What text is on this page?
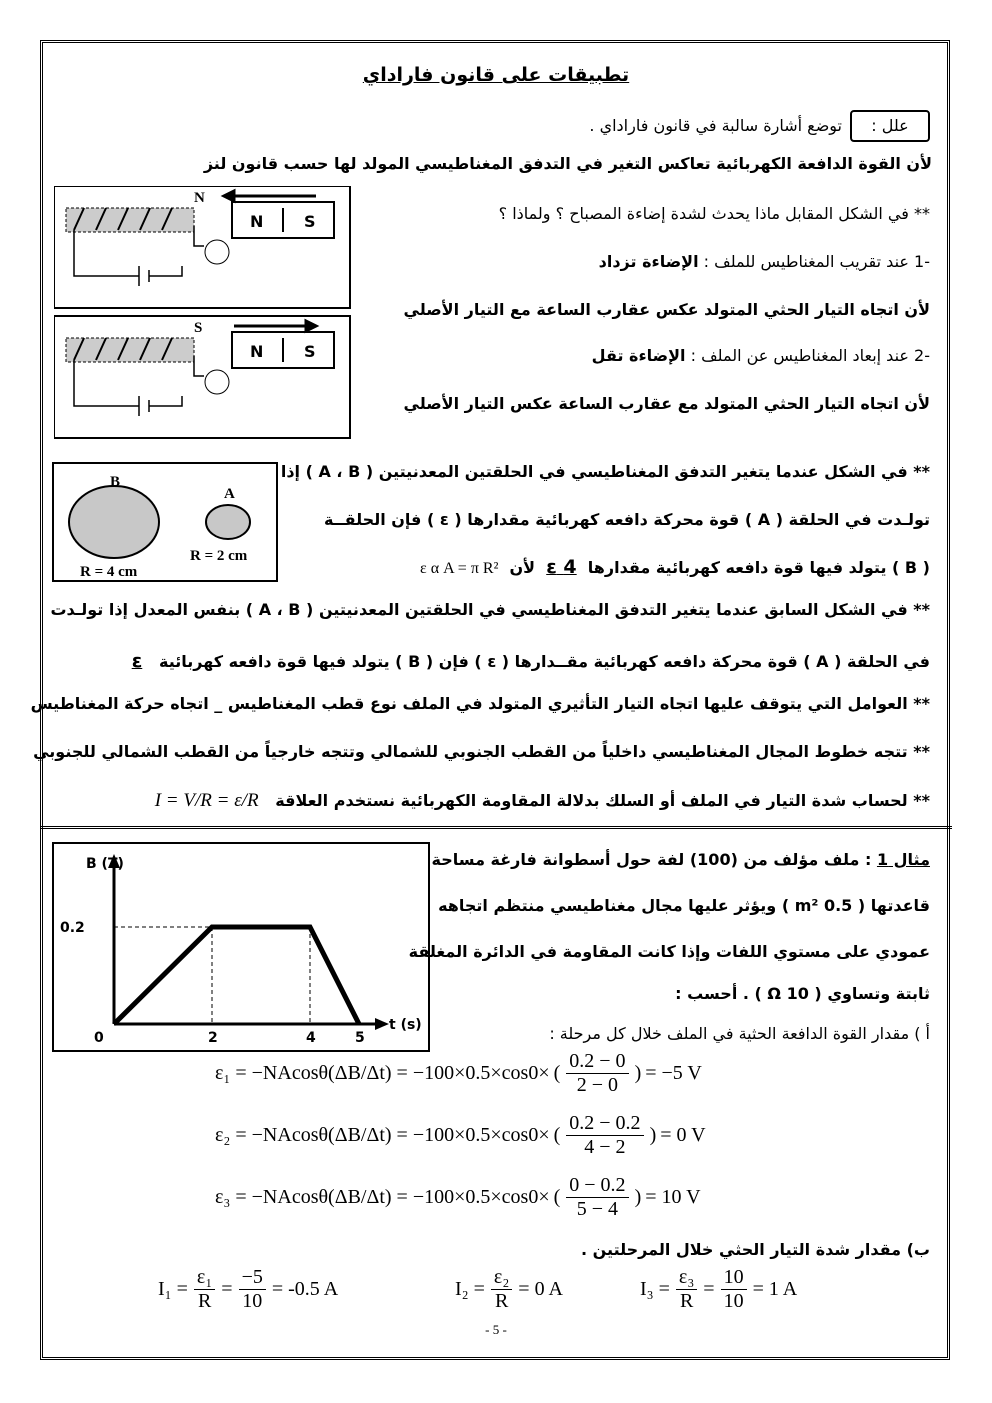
تطبيقات على قانون فاراداي
علل :
توضع أشارة سالبة في قانون فاراداي .
لأن القوة الدافعة الكهربائية تعاكس التغير في التدفق المغناطيسي المولد لها حسب قانون لنز
N	S
N
N	S
S
** في الشكل المقابل ماذا يحدث لشدة إضاءة المصباح ؟ ولماذا ؟
-1 عند تقريب المغناطيس للملف : الإضاءة تزداد
لأن اتجاه التيار الحثي المتولد عكس عقارب الساعة مع التيار الأصلي
-2 عند إبعاد المغناطيس عن الملف : الإضاءة تقل
لأن اتجاه التيار الحثي المتولد مع عقارب الساعة عكس التيار الأصلي
B
A
R = 2 cm
R = 4 cm
** في الشكل عندما يتغير التدفق المغناطيسي في الحلقتين المعدنيتين ( A ، B ) إذا
تولـدت في الحلقة ( A ) قوة محركة دافعه كهربائية مقدارها ( ε ) فإن الحلقــة
( B ) يتولد فيها قوة دافعه كهربائية مقدارها  4 ε  لأن  ε α A = π R²
** في الشكل السابق عندما يتغير التدفق المغناطيسي في الحلقتين المعدنيتين ( A ، B ) بنفس المعدل إذا تولـدت
في الحلقة ( A ) قوة محركة دافعه كهربائية مقــدارها ( ε ) فإن ( B ) يتولد فيها قوة دافعه كهربائية   ε
** العوامل التي يتوقف عليها اتجاه التيار التأثيري المتولد في الملف نوع قطب المغناطيس _ اتجاه حركة المغناطيس
** تتجه خطوط المجال المغناطيسي داخلياً من القطب الجنوبي للشمالي وتتجه خارجياً من القطب الشمالي للجنوبي
** لحساب شدة التيار في الملف أو السلك بدلالة المقاومة الكهربائية نستخدم العلاقة   I = V/R = ε/R
B (T)
t (s)
0	2	4	5
0.2
مثال 1 : ملف مؤلف من (100) لفة حول أسطوانة فارغة مساحة
قاعدتها ( 0.5 m² ) ويؤثر عليها مجال مغناطيسي منتظم اتجاهه
عمودي على مستوي اللفات وإذا كانت المقاومة في الدائرة المغلقة
ثابتة وتساوي ( 10 Ω ) . أحسب :
أ ) مقدار القوة الدافعة الحثية في الملف خلال كل مرحلة :
ε₁ = −NAcosθ(ΔB/Δt) = −100×0.5×cos0× ( $\frac{0.2 - 0}{2 - 0}$ ) = −5 V
ε₂ = −NAcosθ(ΔB/Δt) = −100×0.5×cos0× ( $\frac{0.2 - 0.2}{4 - 2}$ ) = 0 V
ε₃ = −NAcosθ(ΔB/Δt) = −100×0.5×cos0× ( $\frac{0 - 0.2}{5 - 4}$ ) = 10 V
ب) مقدار شدة التيار الحثي خلال المرحلتين .
$I_1 = \frac{\text{ε₁}}{R} = \frac{-5}{10} = -0.5$ A	$I_2 = \frac{\text{ε₂}}{R} = 0$ A	$I_3 = \frac{\text{ε₃}}{R} = \frac{10}{10} = 1$ A
- 5 -
